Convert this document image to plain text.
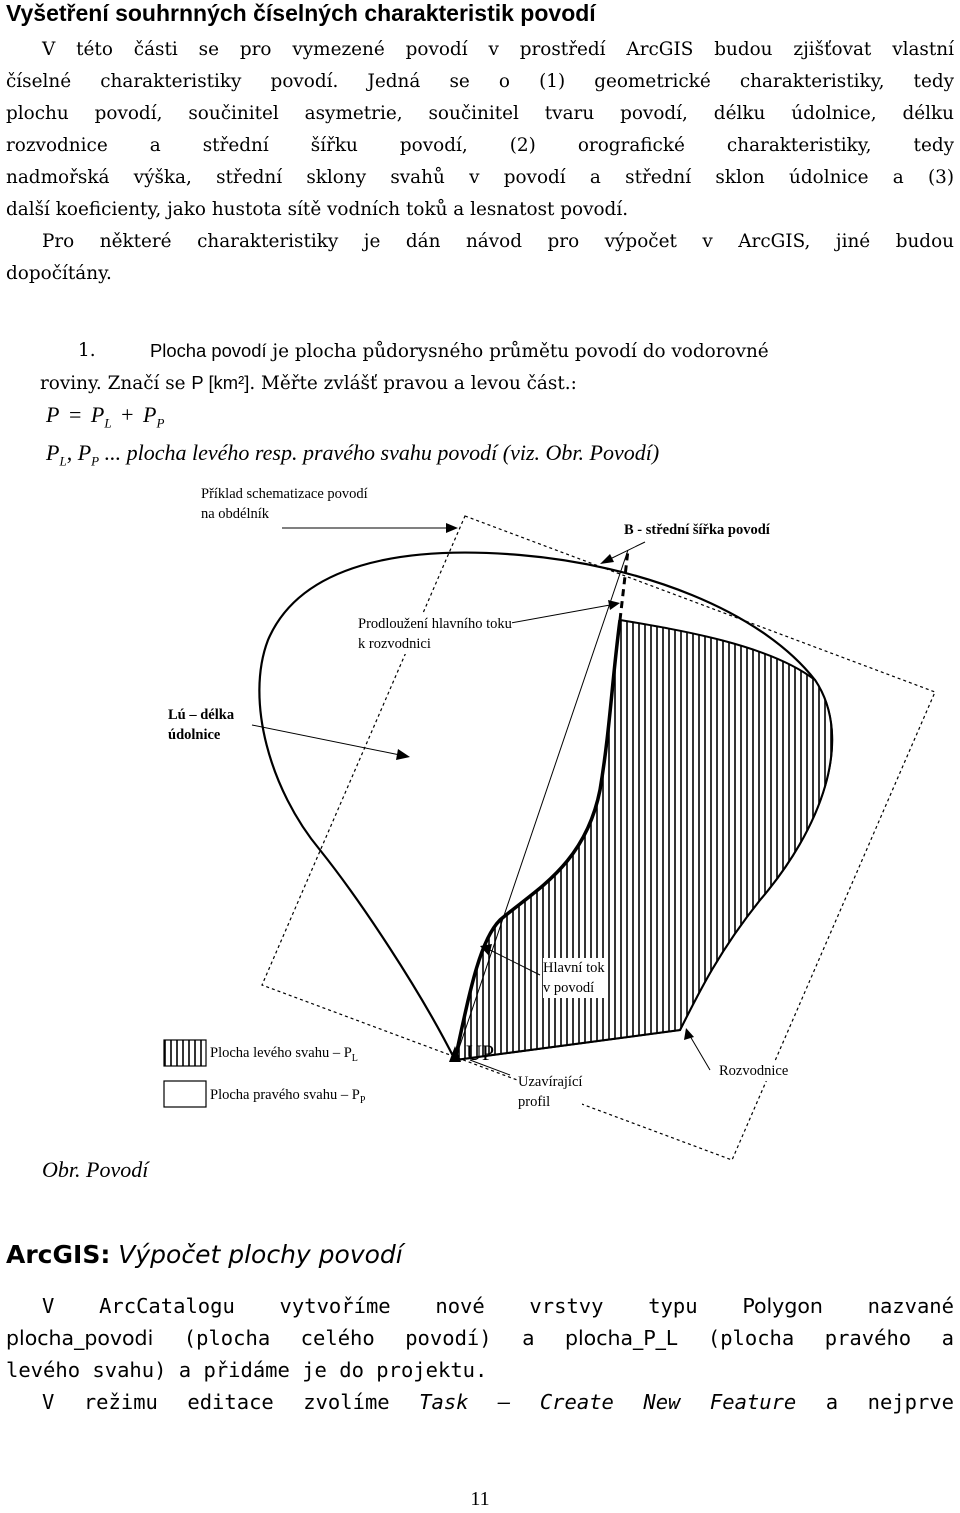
Vyšetření souhrnných číselných charakteristik povodí
V této části se pro vymezené povodí v prostředí ArcGIS budou zjišťovat vlastní
číselné charakteristiky povodí. Jedná se o (1) geometrické charakteristiky, tedy
plochu povodí, součinitel asymetrie, součinitel tvaru povodí, délku údolnice, délku
rozvodnice a střední šířku povodí, (2) orografické charakteristiky, tedy
nadmořská výška, střední sklony svahů v povodí a střední sklon údolnice a (3)
další koeficienty, jako hustota sítě vodních toků a lesnatost povodí.
Pro některé charakteristiky je dán návod pro výpočet v ArcGIS, jiné budou
dopočítány.
1.	Plocha povodí je plocha půdorysného průmětu povodí do vodorovné
roviny. Značí se P [km²]. Měřte zvlášť pravou a levou část.:
$P = P_L + P_P$
$P_L$, $P_P$ ... plocha levého resp. pravého svahu povodí (viz. Obr. Povodí)
Příklad schematizace povodí
na obdélník
B - střední šířka povodí
Prodloužení hlavního toku
k rozvodnici
Lú – délka
údolnice
Hlavní tok
v povodí
Plocha levého svahu – $P_L$
Plocha pravého svahu – $P_P$
UP
Uzavírající
profil
Rozvodnice
Obr. Povodí
ArcGIS: Výpočet plochy povodí
V ArcCatalogu vytvoříme nové vrstvy typu Polygon nazvané
plocha_povodi (plocha celého povodí) a plocha_P_L (plocha pravého a
levého svahu) a přidáme je do projektu.
V režimu editace zvolíme Task – Create New Feature a nejprve
11
